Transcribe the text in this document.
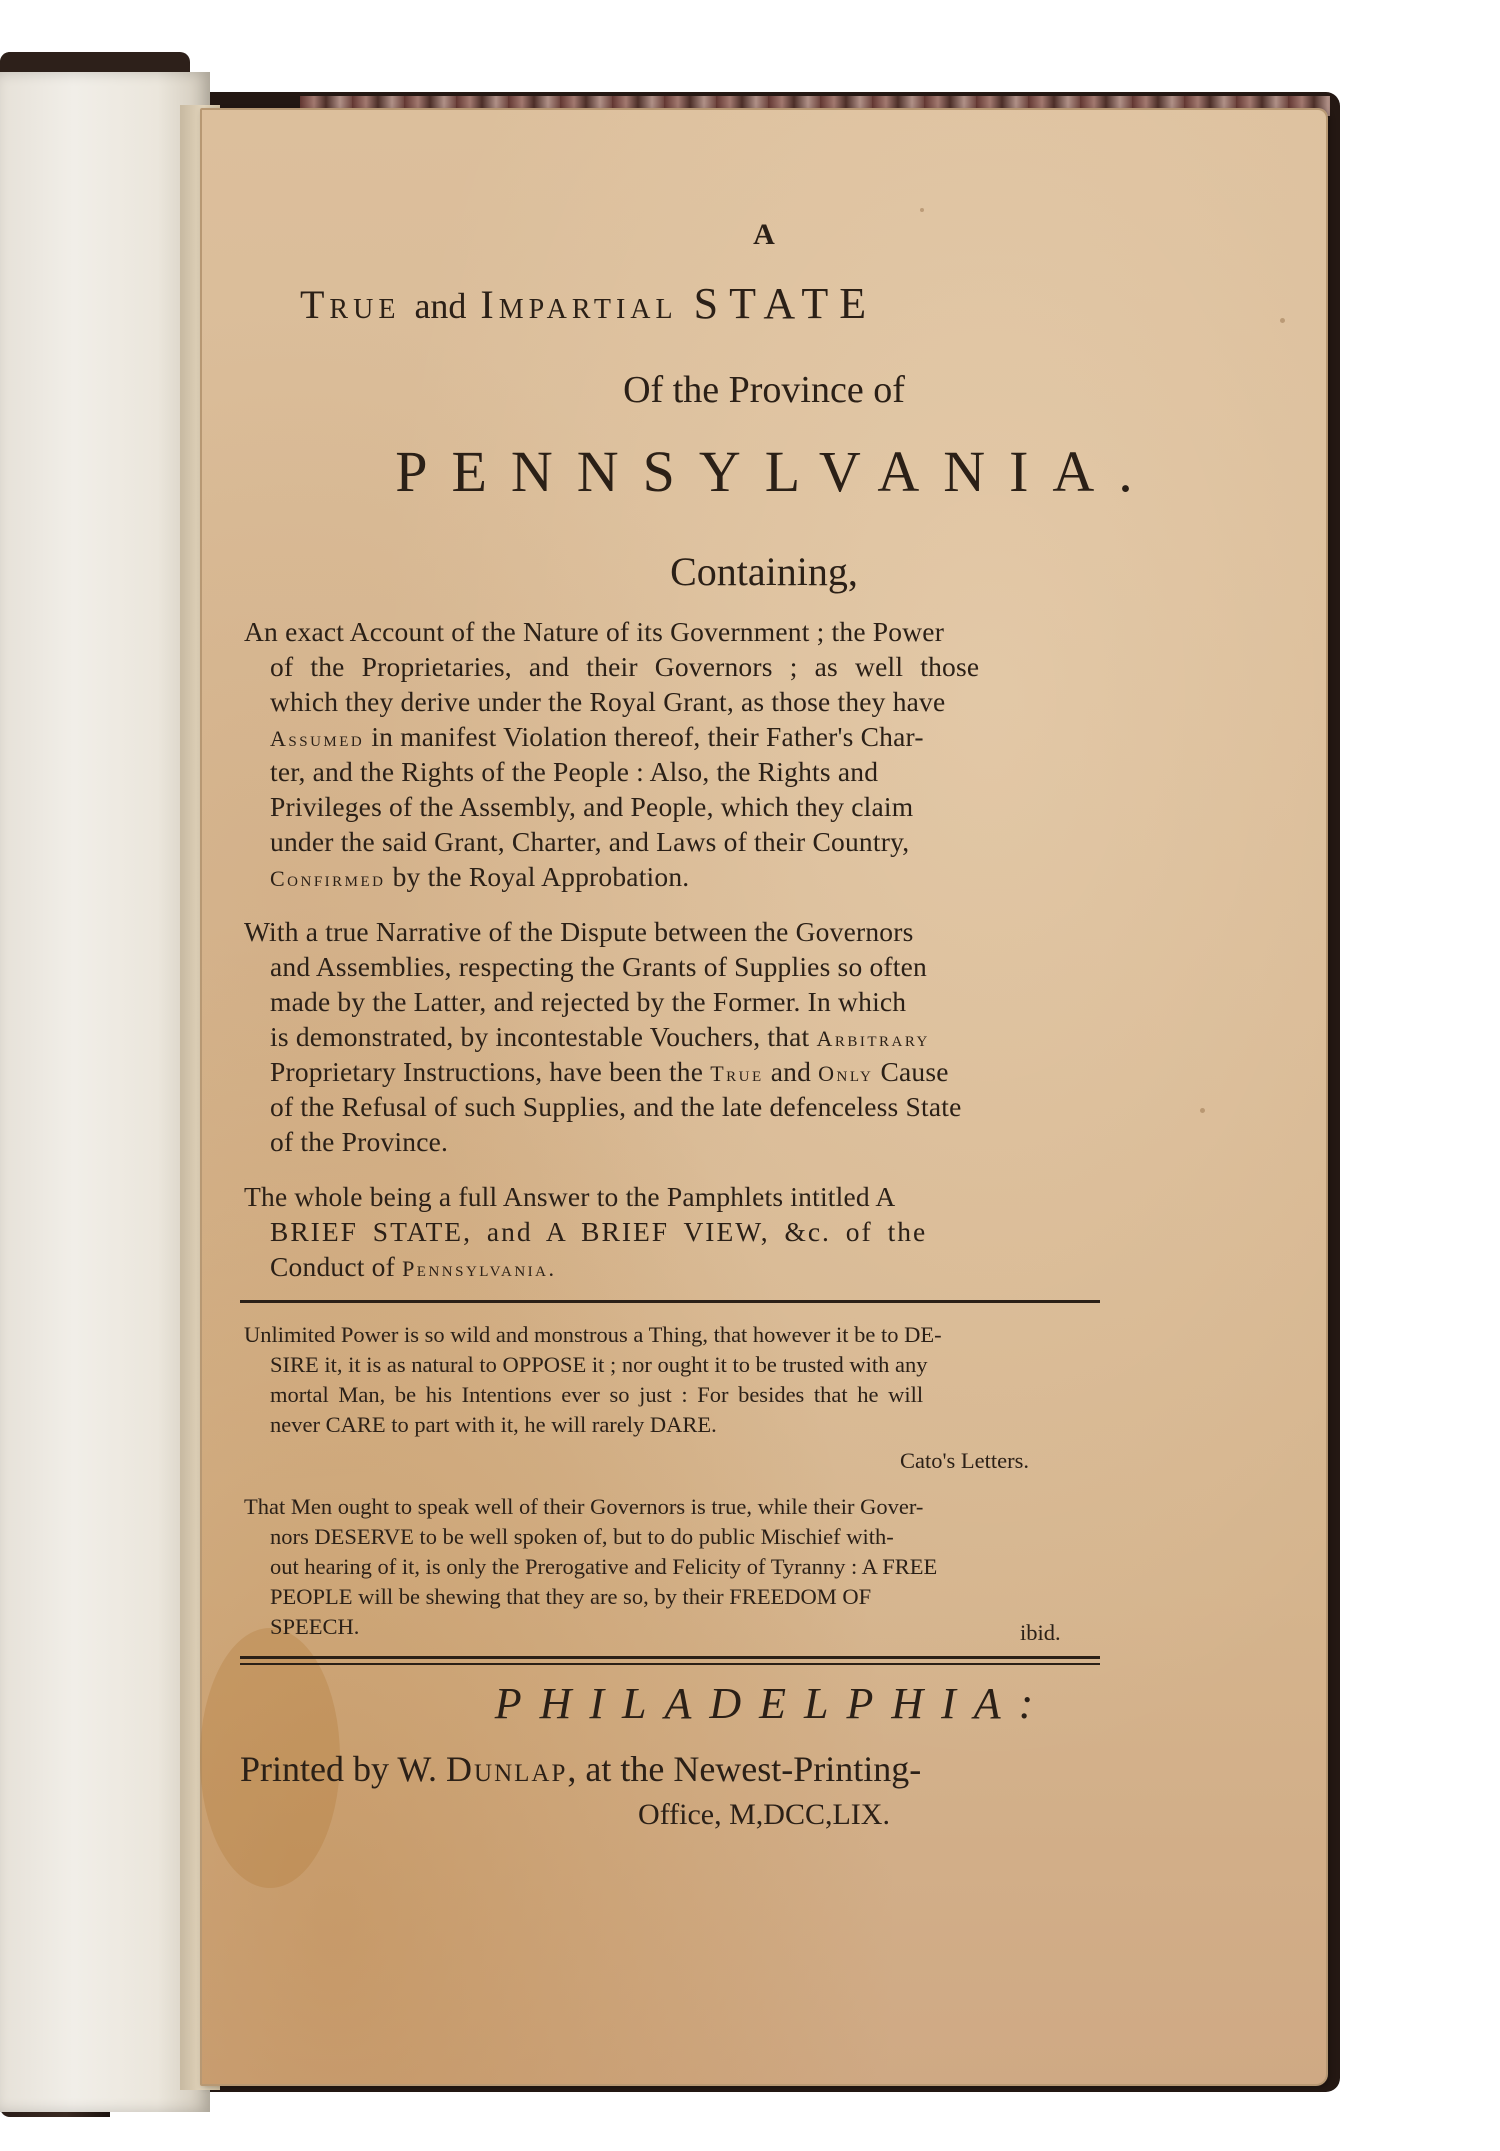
A
True and Impartial STATE
Of the Province of
PENNSYLVANIA.
Containing,
An exact Account of the Nature of its Government ; the Power
of the Proprietaries, and their Governors ; as well those
which they derive under the Royal Grant, as those they have
Assumed in manifest Violation thereof, their Father's Char-
ter, and the Rights of the People : Also, the Rights and
Privileges of the Assembly, and People, which they claim
under the said Grant, Charter, and Laws of their Country,
Confirmed by the Royal Approbation.
With a true Narrative of the Dispute between the Governors
and Assemblies, respecting the Grants of Supplies so often
made by the Latter, and rejected by the Former. In which
is demonstrated, by incontestable Vouchers, that Arbitrary
Proprietary Instructions, have been the True and Only Cause
of the Refusal of such Supplies, and the late defenceless State
of the Province.
The whole being a full Answer to the Pamphlets intitled A
BRIEF STATE, and A BRIEF VIEW, &c. of the
Conduct of Pennsylvania.
Unlimited Power is so wild and monstrous a Thing, that however it be to DE-
SIRE it, it is as natural to OPPOSE it ; nor ought it to be trusted with any
mortal Man, be his Intentions ever so just : For besides that he will
never CARE to part with it, he will rarely DARE.
Cato's Letters.
That Men ought to speak well of their Governors is true, while their Gover-
nors DESERVE to be well spoken of, but to do public Mischief with-
out hearing of it, is only the Prerogative and Felicity of Tyranny : A FREE
PEOPLE will be shewing that they are so, by their FREEDOM OF
SPEECH.	ibid.
PHILADELPHIA:
Printed by W. Dunlap, at the Newest-Printing-
Office, M,DCC,LIX.
